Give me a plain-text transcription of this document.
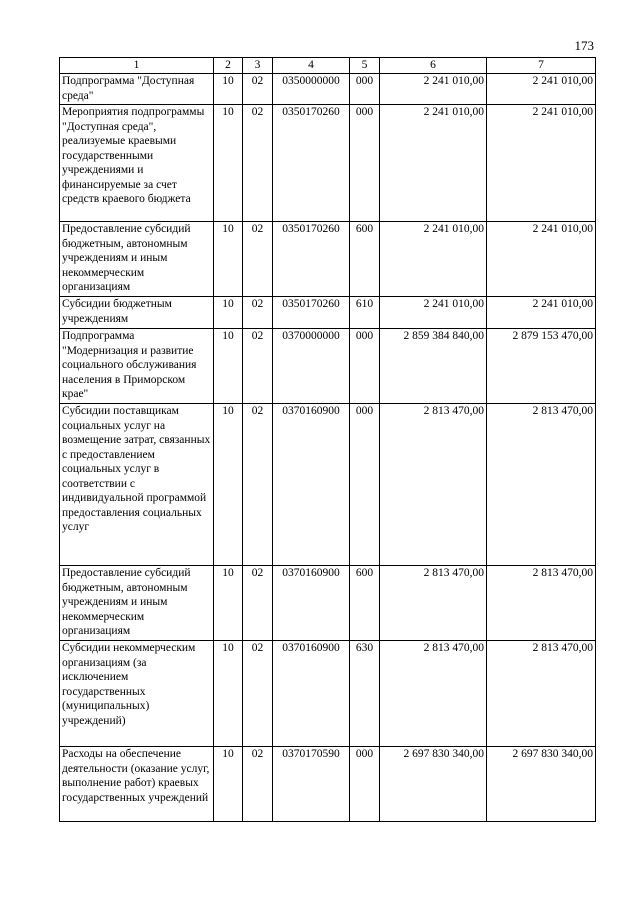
173
1	2	3	4	5	6	7
Подпрограмма "Доступная среда"	10	02	0350000000	000	2 241 010,00	2 241 010,00
Мероприятия подпрограммы "Доступная среда", реализуемые краевыми государственными учреждениями и финансируемые за счет средств краевого бюджета	10	02	0350170260	000	2 241 010,00	2 241 010,00
Предоставление субсидий бюджетным, автономным учреждениям и иным некоммерческим организациям	10	02	0350170260	600	2 241 010,00	2 241 010,00
Субсидии бюджетным учреждениям	10	02	0350170260	610	2 241 010,00	2 241 010,00
Подпрограмма "Модернизация и развитие социального обслуживания населения в Приморском крае"	10	02	0370000000	000	2 859 384 840,00	2 879 153 470,00
Субсидии поставщикам социальных услуг на возмещение затрат, связанных с предоставлением социальных услуг в соответствии с индивидуальной программой предоставления социальных услуг	10	02	0370160900	000	2 813 470,00	2 813 470,00
Предоставление субсидий бюджетным, автономным учреждениям и иным некоммерческим организациям	10	02	0370160900	600	2 813 470,00	2 813 470,00
Субсидии некоммерческим организациям (за исключением государственных (муниципальных) учреждений)	10	02	0370160900	630	2 813 470,00	2 813 470,00
Расходы на обеспечение деятельности (оказание услуг, выполнение работ) краевых государственных учреждений	10	02	0370170590	000	2 697 830 340,00	2 697 830 340,00
